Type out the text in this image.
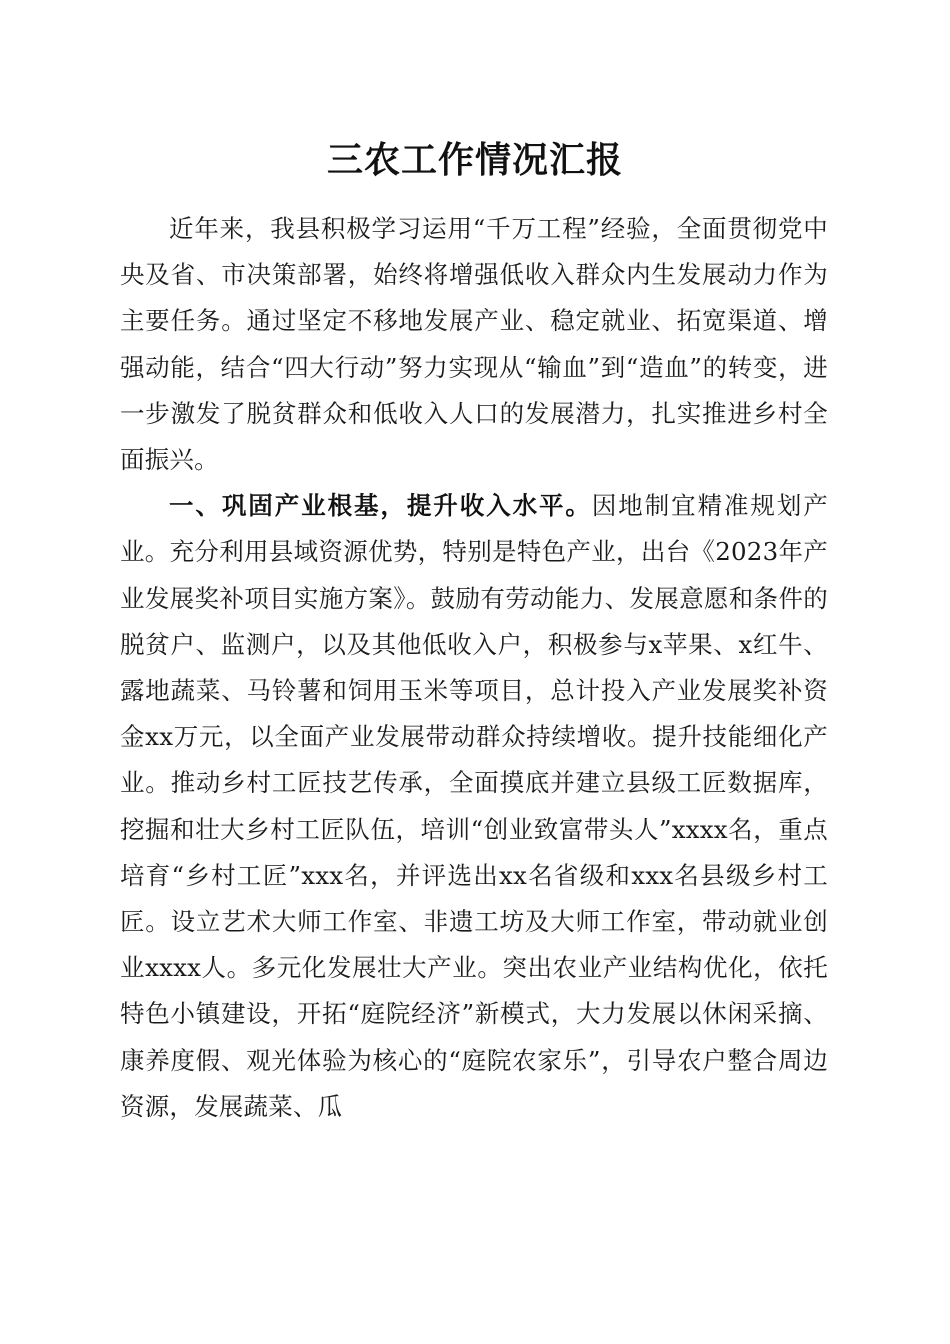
三农工作情况汇报

近年来，我县积极学习运用“千万工程”经验，全面贯彻党中央及省、市决策部署，始终将增强低收入群众内生发展动力作为主要任务。通过坚定不移地发展产业、稳定就业、拓宽渠道、增强动能，结合“四大行动”努力实现从“输血”到“造血”的转变，进一步激发了脱贫群众和低收入人口的发展潜力，扎实推进乡村全面振兴。

一、巩固产业根基，提升收入水平。因地制宜精准规划产业。充分利用县域资源优势，特别是特色产业，出台《2023年产业发展奖补项目实施方案》。鼓励有劳动能力、发展意愿和条件的脱贫户、监测户，以及其他低收入户，积极参与x苹果、x红牛、露地蔬菜、马铃薯和饲用玉米等项目，总计投入产业发展奖补资金xx万元，以全面产业发展带动群众持续增收。提升技能细化产业。推动乡村工匠技艺传承，全面摸底并建立县级工匠数据库，挖掘和壮大乡村工匠队伍，培训“创业致富带头人”xxxx名，重点培育“乡村工匠”xxx名，并评选出xx名省级和xxx名县级乡村工匠。设立艺术大师工作室、非遗工坊及大师工作室，带动就业创业xxxx人。多元化发展壮大产业。突出农业产业结构优化，依托特色小镇建设，开拓“庭院经济”新模式，大力发展以休闲采摘、康养度假、观光体验为核心的“庭院农家乐”，引导农户整合周边资源，发展蔬菜、瓜
